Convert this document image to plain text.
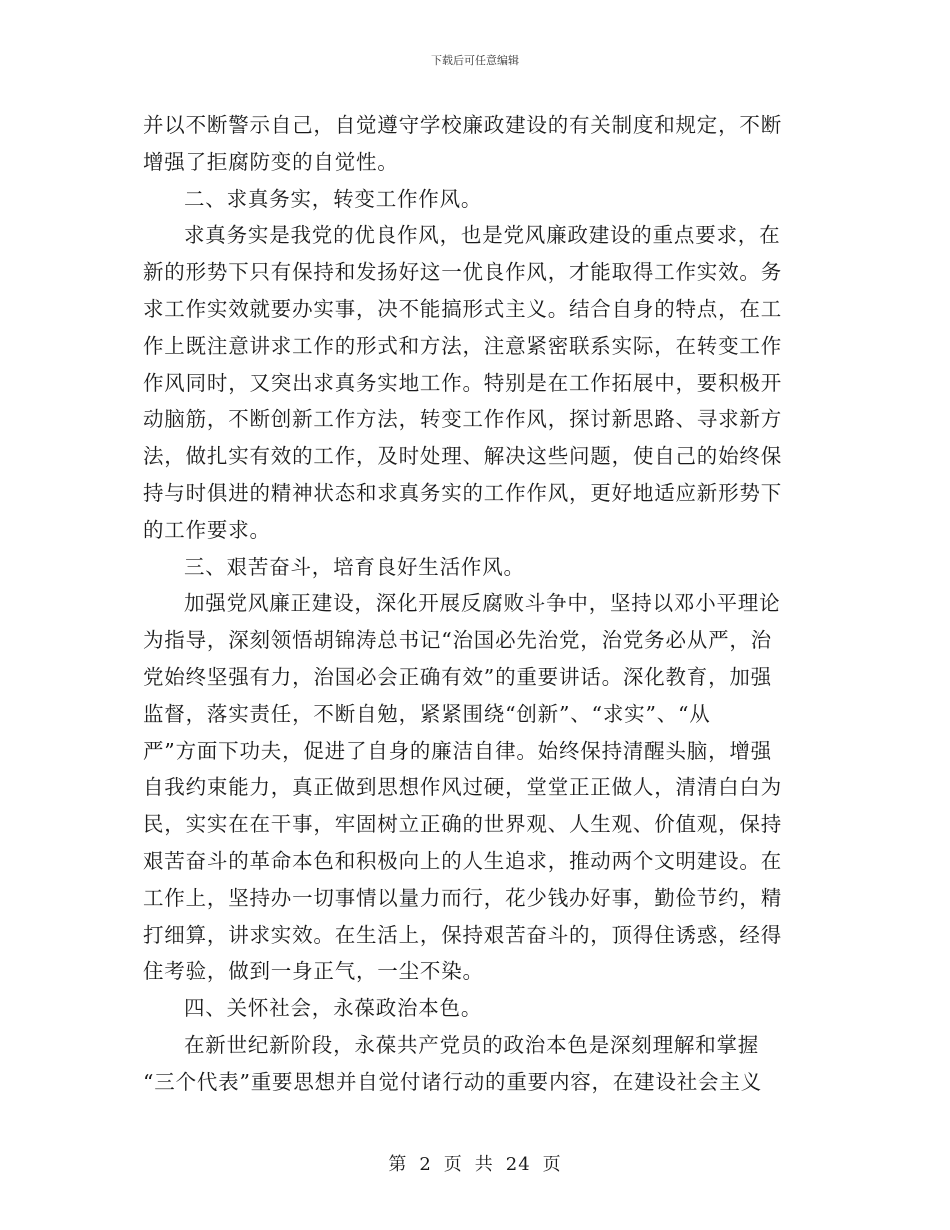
下载后可任意编辑
并以不断警示自己，自觉遵守学校廉政建设的有关制度和规定，不断
增强了拒腐防变的自觉性。
二、求真务实，转变工作作风。
求真务实是我党的优良作风，也是党风廉政建设的重点要求，在
新的形势下只有保持和发扬好这一优良作风，才能取得工作实效。务
求工作实效就要办实事，决不能搞形式主义。结合自身的特点，在工
作上既注意讲求工作的形式和方法，注意紧密联系实际，在转变工作
作风同时，又突出求真务实地工作。特别是在工作拓展中，要积极开
动脑筋，不断创新工作方法，转变工作作风，探讨新思路、寻求新方
法，做扎实有效的工作，及时处理、解决这些问题，使自己的始终保
持与时俱进的精神状态和求真务实的工作作风，更好地适应新形势下
的工作要求。
三、艰苦奋斗，培育良好生活作风。
加强党风廉正建设，深化开展反腐败斗争中，坚持以邓小平理论
为指导，深刻领悟胡锦涛总书记“治国必先治党，治党务必从严，治
党始终坚强有力，治国必会正确有效”的重要讲话。深化教育，加强
监督，落实责任，不断自勉，紧紧围绕“创新”、“求实”、“从
严”方面下功夫，促进了自身的廉洁自律。始终保持清醒头脑，增强
自我约束能力，真正做到思想作风过硬，堂堂正正做人，清清白白为
民，实实在在干事，牢固树立正确的世界观、人生观、价值观，保持
艰苦奋斗的革命本色和积极向上的人生追求，推动两个文明建设。在
工作上，坚持办一切事情以量力而行，花少钱办好事，勤俭节约，精
打细算，讲求实效。在生活上，保持艰苦奋斗的，顶得住诱惑，经得
住考验，做到一身正气，一尘不染。
四、关怀社会，永葆政治本色。
在新世纪新阶段，永葆共产党员的政治本色是深刻理解和掌握
“三个代表”重要思想并自觉付诸行动的重要内容，在建设社会主义
第 2 页 共 24 页
